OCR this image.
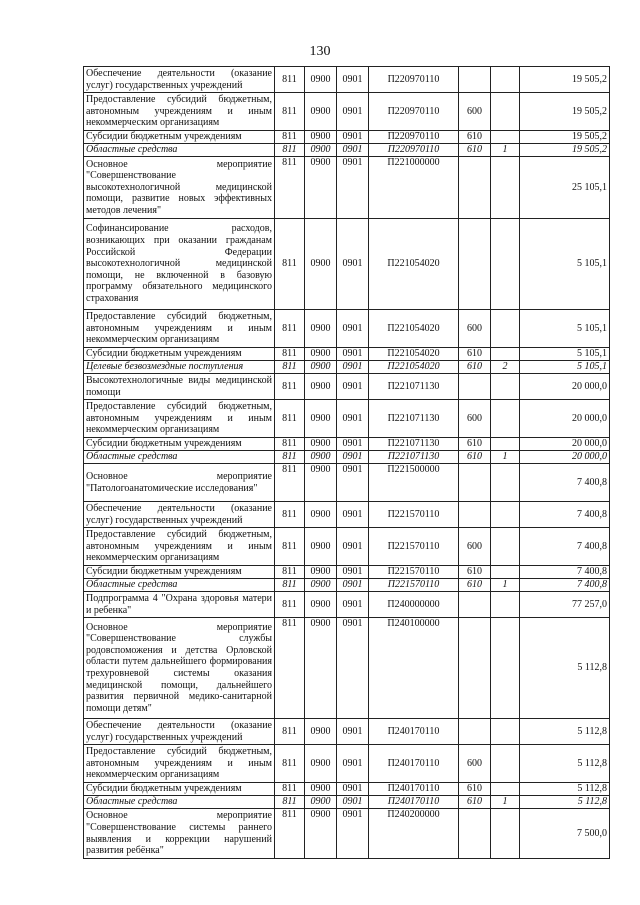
130
Обеспечение деятельности (оказание услуг) государственных учреждений	811	0900	0901	П220970110			19 505,2
Предоставление субсидий бюджетным, автономным учреждениям и иным некоммерческим организациям	811	0900	0901	П220970110	600		19 505,2
Субсидии бюджетным учреждениям	811	0900	0901	П220970110	610		19 505,2
Областные средства	811	0900	0901	П220970110	610	1	19 505,2
Основное мероприятие "Совершенствование высокотехнологичной медицинской помощи, развитие новых эффективных методов лечения"	811	0900	0901	П221000000			25 105,1
Софинансирование расходов, возникающих при оказании гражданам Российской Федерации высокотехнологичной медицинской помощи, не включенной в базовую программу обязательного медицинского страхования	811	0900	0901	П221054020			5 105,1
Предоставление субсидий бюджетным, автономным учреждениям и иным некоммерческим организациям	811	0900	0901	П221054020	600		5 105,1
Субсидии бюджетным учреждениям	811	0900	0901	П221054020	610		5 105,1
Целевые безвозмездные поступления	811	0900	0901	П221054020	610	2	5 105,1
Высокотехнологичные виды медицинской помощи	811	0900	0901	П221071130			20 000,0
Предоставление субсидий бюджетным, автономным учреждениям и иным некоммерческим организациям	811	0900	0901	П221071130	600		20 000,0
Субсидии бюджетным учреждениям	811	0900	0901	П221071130	610		20 000,0
Областные средства	811	0900	0901	П221071130	610	1	20 000,0
Основное мероприятие "Патологоанатомические исследования"	811	0900	0901	П221500000			7 400,8
Обеспечение деятельности (оказание услуг) государственных учреждений	811	0900	0901	П221570110			7 400,8
Предоставление субсидий бюджетным, автономным учреждениям и иным некоммерческим организациям	811	0900	0901	П221570110	600		7 400,8
Субсидии бюджетным учреждениям	811	0900	0901	П221570110	610		7 400,8
Областные средства	811	0900	0901	П221570110	610	1	7 400,8
Подпрограмма 4 "Охрана здоровья матери и ребенка"	811	0900	0901	П240000000			77 257,0
Основное мероприятие "Совершенствование службы родовспоможения и детства Орловской области путем дальнейшего формирования трехуровневой системы оказания медицинской помощи, дальнейшего развития первичной медико-санитарной помощи детям"	811	0900	0901	П240100000			5 112,8
Обеспечение деятельности (оказание услуг) государственных учреждений	811	0900	0901	П240170110			5 112,8
Предоставление субсидий бюджетным, автономным учреждениям и иным некоммерческим организациям	811	0900	0901	П240170110	600		5 112,8
Субсидии бюджетным учреждениям	811	0900	0901	П240170110	610		5 112,8
Областные средства	811	0900	0901	П240170110	610	1	5 112,8
Основное мероприятие "Совершенствование системы раннего выявления и коррекции нарушений развития ребёнка"	811	0900	0901	П240200000			7 500,0
